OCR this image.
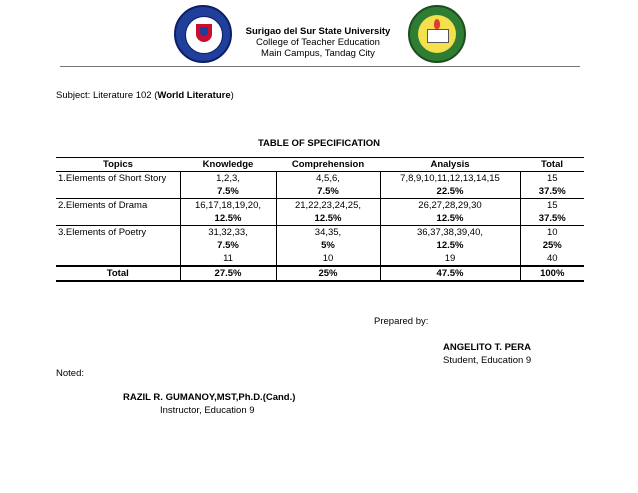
Surigao del Sur State University
College of Teacher Education
Main Campus, Tandag City
Subject: Literature 102 (World Literature)
TABLE OF SPECIFICATION
Topics	Knowledge	Comprehension	Analysis	Total
1.Elements of Short Story	1,2,3,	4,5,6,	7,8,9,10,11,12,13,14,15	15
	7.5%	7.5%	22.5%	37.5%
2.Elements of Drama	16,17,18,19,20,	21,22,23,24,25,	26,27,28,29,30	15
	12.5%	12.5%	12.5%	37.5%
3.Elements of Poetry	31,32,33,	34,35,	36,37,38,39,40,	10
	7.5%	5%	12.5%	25%
	11	10	19	40
Total	27.5%	25%	47.5%	100%
Prepared by:
ANGELITO T. PERA
Student, Education 9
Noted:
RAZIL R. GUMANOY,MST,Ph.D.(Cand.)
Instructor, Education 9
